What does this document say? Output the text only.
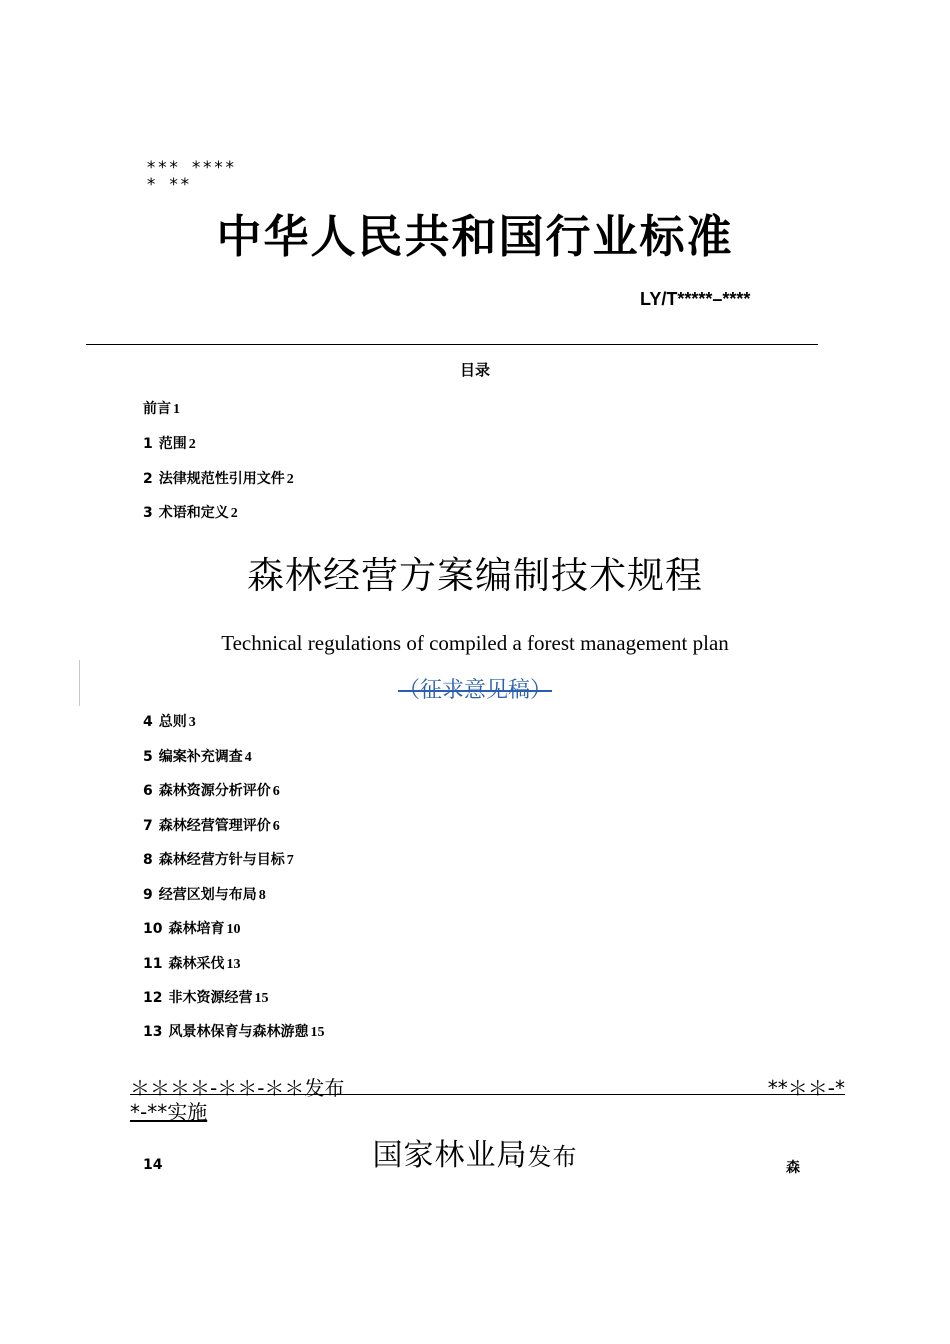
*** ****
* **
中华人民共和国行业标准
LY/T*****–****
目录
前言 1
1 范围 2
2 法律规范性引用文件 2
3 术语和定义 2
4 总则 3
5 编案补充调查 4
6 森林资源分析评价 6
7 森林经营管理评价 6
8 森林经营方针与目标 7
9 经营区划与布局 8
10 森林培育 10
11 森林采伐 13
12 非木资源经营 15
13 风景林保育与森林游憩 15
森林经营方案编制技术规程
Technical regulations of compiled a forest management plan
（征求意见稿）
＊＊＊＊-＊＊-＊＊发布	**＊＊-*
*-**实施
14	国家林业局发布	森
